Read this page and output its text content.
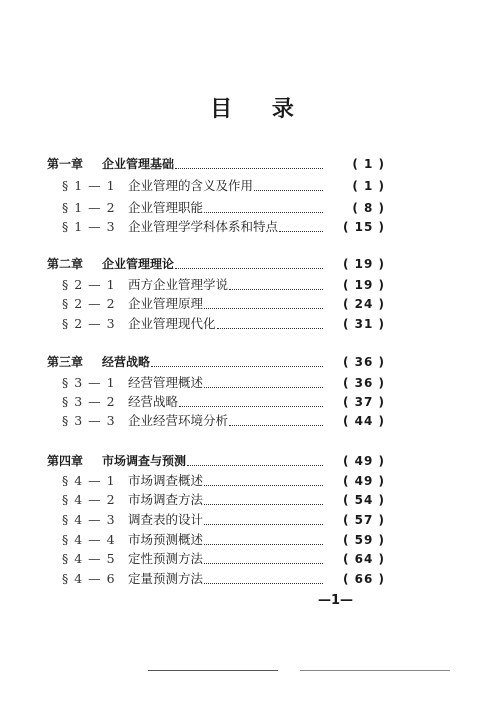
目 录
第一章	企业管理基础	( 1 )
§ 1 — 1 企业管理的含义及作用	( 1 )
§ 1 — 2 企业管理职能	( 8 )
§ 1 — 3 企业管理学学科体系和特点	( 15 )
第二章	企业管理理论	( 19 )
§ 2 — 1 西方企业管理学说	( 19 )
§ 2 — 2 企业管理原理	( 24 )
§ 2 — 3 企业管理现代化	( 31 )
第三章	经营战略	( 36 )
§ 3 — 1 经营管理概述	( 36 )
§ 3 — 2 经营战略	( 37 )
§ 3 — 3 企业经营环境分析	( 44 )
第四章	市场调查与预测	( 49 )
§ 4 — 1 市场调查概述	( 49 )
§ 4 — 2 市场调查方法	( 54 )
§ 4 — 3 调查表的设计	( 57 )
§ 4 — 4 市场预测概述	( 59 )
§ 4 — 5 定性预测方法	( 64 )
§ 4 — 6 定量预测方法	( 66 )
—1—
